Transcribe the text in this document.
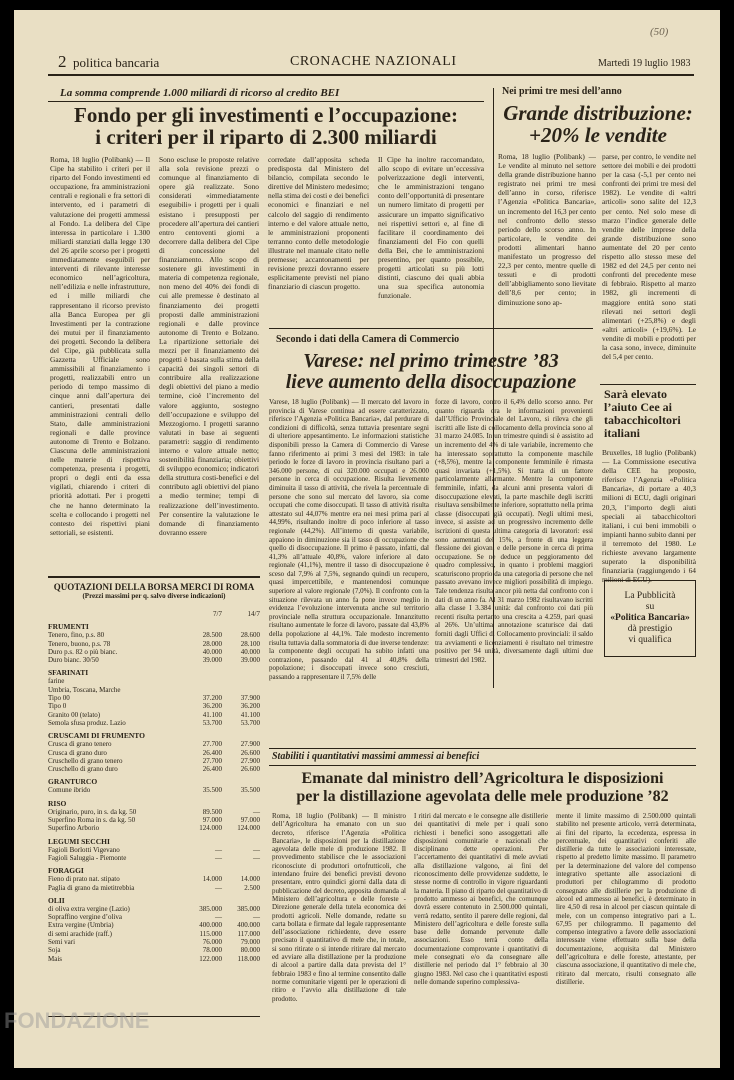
2 politica bancaria	CRONACHE NAZIONALI	Martedì 19 luglio 1983
(50)
La somma comprende 1.000 miliardi di ricorso al credito BEI
Fondo per gli investimenti e l’occupazione:
i criteri per il riparto di 2.300 miliardi
Roma, 18 luglio (Polibank) — Il Cipe ha stabilito i criteri per il riparto del Fondo investimenti ed occupazione, fra amministrazioni centrali e regionali e fra settori di intervento, ed i parametri di valutazione dei progetti ammessi al Fondo. La delibera del Cipe interessa in particolare i 1.300 miliardi stanziati dalla legge 130 del 26 aprile scorso per i progetti immediatamente eseguibili per interventi di rilevante interesse economico nell’agricoltura, nell’edilizia e nelle infrastrutture, ed i mille miliardi che rappresentano il ricorso previsto alla Banca Europea per gli Investimenti per la contrazione dei mutui per il finanziamento dei progetti. Secondo la delibera del Cipe, già pubblicata sulla Gazzetta Ufficiale sono ammissibili al finanziamento i progetti, realizzabili entro un periodo di tempo massimo di cinque anni dall’apertura dei cantieri, presentati dalle amministrazioni centrali dello Stato, dalle amministrazioni regionali e dalle province autonome di Trento e Bolzano. Ciascuna delle amministrazioni nelle materie di rispettiva competenza, presenta i progetti, propri o degli enti da essa vigilati, chiarendo i criteri di priorità adottati. Per i progetti che ne hanno determinato la scelta e collocando i progetti nel contesto dei rispettivi piani settoriali, se esistenti.
Sono escluse le proposte relative alla sola revisione prezzi o comunque al finanziamento di opere già realizzate. Sono considerati «immediatamente eseguibili» i progetti per i quali esistano i presupposti per procedere all’apertura dei cantieri entro centoventi giorni a decorrere dalla delibera del Cipe di concessione del finanziamento. Allo scopo di sostenere gli investimenti in materia di competenza regionale, non meno del 40% dei fondi di cui alle premesse è destinato al finanziamento dei progetti proposti dalle amministrazioni regionali e dalle province autonome di Trento e Bolzano. La ripartizione settoriale dei mezzi per il finanziamento dei progetti è basata sulla stima della capacità dei singoli settori di contribuire alla realizzazione degli obiettivi del piano a medio termine, cioè l’incremento del valore aggiunto, sostegno dell’occupazione e sviluppo del Mezzogiorno. I progetti saranno valutati in base ai seguenti parametri: saggio di rendimento interno e valore attuale netto; sostenibilità finanziaria; obiettivi di sviluppo economico; indicatori della struttura costi-benefici e del contributo agli obiettivi del piano a medio termine; tempi di realizzazione dell’investimento. Per consentire la valutazione le domande di finanziamento dovranno essere
corredate dall’apposita scheda predisposta dal Ministero del bilancio, compilata secondo le direttive del Ministero medesimo; nella stima dei costi e dei benefici economici e finanziari e nel calcolo del saggio di rendimento interno e del valore attuale netto, le amministrazioni proponenti terranno conto delle metodologie illustrate nel manuale citato nelle premesse; accantonamenti per revisione prezzi dovranno essere esplicitamente previsti nel piano finanziario di ciascun progetto.
Il Cipe ha inoltre raccomandato, allo scopo di evitare un’eccessiva polverizzazione degli interventi, che le amministrazioni tengano conto dell’opportunità di presentare un numero limitato di progetti per assicurare un impatto significativo nei rispettivi settori e, al fine di facilitare il coordinamento dei finanziamenti del Fio con quelli della Bei, che le amministrazioni presentino, per quanto possibile, progetti articolati su più lotti distinti, ciascuno dei quali abbia una sua specifica autonomia funzionale.
Nei primi tre mesi dell’anno
Grande distribuzione:
+20% le vendite
Roma, 18 luglio (Polibank) — Le vendite al minuto nel settore della grande distribuzione hanno registrato nei primi tre mesi dell’anno in corso, riferisce l’Agenzia «Politica Bancaria», un incremento del 16,3 per cento nel confronto dello stesso periodo dello scorso anno. In particolare, le vendite dei prodotti alimentari hanno manifestato un progresso del 22,3 per cento, mentre quelle di tessuti e di prodotti dell’abbigliamento sono lievitate dell’8,6 per cento; in diminuzione sono ap-
parse, per contro, le vendite nel settore dei mobili e dei prodotti per la casa (-5,1 per cento nei confronti dei primi tre mesi del 1982). Le vendite di «altri articoli» sono salite del 12,3 per cento. Nel solo mese di marzo l’indice generale delle vendite delle imprese della grande distribuzione sono aumentate del 20 per cento rispetto allo stesso mese del 1982 ed del 24,5 per cento nei confronti del precedente mese di febbraio. Rispetto al marzo 1982, gli incrementi di maggiore entità sono stati rilevati nei settori degli alimentari (+25,8%) e degli «altri articoli» (+19,6%). Le vendite di mobili e prodotti per la casa sono, invece, diminuite del 5,4 per cento.
Sarà elevato l’aiuto Cee ai tabacchicoltori italiani
Bruxelles, 18 luglio (Polibank) — La Commissione esecutiva della CEE ha proposto, riferisce l’Agenzia «Politica Bancaria», di portare a 40,3 milioni di ECU, dagli originari 20,3, l’importo degli aiuti speciali ai tabacchicoltori italiani, i cui beni immobili o impianti hanno subito danni per il terremoto del 1980. Le richieste avevano largamente superato la disponibilità finanziaria (raggiungendo i 64 milioni di ECU).
La Pubblicità
su
«Politica Bancaria»
dà prestigio
vi qualifica
Secondo i dati della Camera di Commercio
Varese: nel primo trimestre ’83
lieve aumento della disoccupazione
Varese, 18 luglio (Polibank) — Il mercato del lavoro in provincia di Varese continua ad essere caratterizzato, riferisce l’Agenzia «Politica Bancaria», dal perdurare di condizioni di difficoltà, senza tuttavia presentare segni di ulteriore appesantimento. Le informazioni statistiche disponibili presso la Camera di Commercio di Varese fanno riferimento ai primi 3 mesi del 1983: in tale periodo le forze di lavoro in provincia risultano pari a 346.000 persone, di cui 320.000 occupati e 26.000 persone in cerca di occupazione. Risulta lievemente diminuita il tasso di attività, che rivela la percentuale di persone che sono sul mercato del lavoro, sia come occupati che come disoccupati. Il tasso di attività risulta attestato sul 44,07% mentre era nei mesi prima pari al 44,99%, risultando inoltre di poco inferiore al tasso regionale (44,2%). All’interno di questa variabile, appaiono in diminuzione sia il tasso di occupazione che quello di disoccupazione. Il primo è passato, infatti, dal 41,3% all’attuale 40,8%, valore inferiore al dato regionale (41,1%), mentre il tasso di disoccupazione è sceso dal 7,9% al 7,5%, segnando quindi un recupero, quasi impercettibile, e mantenendosi comunque superiore al valore regionale (7,0%). Il confronto con la situazione rilevata un anno fa pone invece meglio in evidenza l’evoluzione intervenuta anche sul territorio provinciale nella struttura occupazionale. Innanzitutto risultano aumentate le forze di lavoro, passate dal 43,8% della popolazione al 44,1%. Tale modesto incremento risulta tuttavia dalla sommatoria di due inverse tendenze: la componente degli occupati ha subito infatti una contrazione, passando dal 41 al 40,8% della popolazione; i disoccupati invece sono cresciuti, passando a rappresentare il 7,5% delle
forze di lavoro, contro il 6,4% dello scorso anno. Per quanto riguarda ora le informazioni provenienti dall’Ufficio Provinciale del Lavoro, si rileva che gli iscritti alle liste di collocamento della provincia sono al 31 marzo 24.085. In un trimestre quindi si è assistito ad un incremento del 4% di tale variabile, incremento che ha interessato soprattutto la componente maschile (+8,5%), mentre la componente femminile è rimasta quasi invariata (+1,5%). Si tratta di un fattore particolarmente allarmante. Mentre la componente femminile, infatti, da alcuni anni presenta valori di disoccupazione elevati, la parte maschile degli iscritti risultava sensibilmente inferiore, soprattutto nella prima classe (disoccupati già occupati). Negli ultimi mesi, invece, si assiste ad un progressivo incremento delle iscrizioni di questa ultima categoria di lavoratori: essi sono aumentati del 15%, a fronte di una leggera flessione dei giovani e delle persone in cerca di prima occupazione. Se ne deduce un peggioramento del quadro complessivo, in quanto i problemi maggiori scaturiscono proprio da una categoria di persone che nel passato avevano invece migliori possibilità di impiego. Tale tendenza risulta ancor più netta dal confronto con i dati di un anno fa. Al 31 marzo 1982 risultavano iscritti alla classe I 3.384 unità: dal confronto coi dati più recenti risulta pertanto una crescita a 4.259, pari quasi al 26%. Un’ultima annotazione scaturisce dai dati forniti dagli Uffici di Collocamento provinciali: il saldo tra avviamenti e licenziamenti è risultato nel trimestre positivo per 94 unità, diversamente dagli ultimi due trimestri del 1982.
QUOTAZIONI DELLA BORSA MERCI DI ROMA
(Prezzi massimi per q. salvo diverse indicazioni)
7/7	14/7
FRUMENTI
Tenero, fino, p.s. 80	28.500	28.600
Tenero, buono, p.s. 78	28.000	28.100
Duro p.s. 82 o più bianc.	40.000	40.000
Duro bianc. 30/50	39.000	39.000
SFARINATI
farine
Umbria, Toscana, Marche
Tipo 00	37.200	37.900
Tipo 0	36.200	36.200
Granito 00 (telato)	41.100	41.100
Semola sfusa produz. Lazio	53.700	53.700
CRUSCAMI DI FRUMENTO
Crusca di grano tenero	27.700	27.900
Crusca di grano duro	26.400	26.600
Cruschello di grano tenero	27.700	27.900
Cruschello di grano duro	26.400	26.600
GRANTURCO
Comune ibrido	35.500	35.500
RISO
Originario, puro, in s. da kg. 50	89.500	—
Superfino Roma in s. da kg. 50	97.000	97.000
Superfino Arborio	124.000	124.000
LEGUMI SECCHI
Fagioli Borlotti Vigevano	—	—
Fagioli Saluggia - Piemonte	—	—
FORAGGI
Fieno di prato nat. stipato	14.000	14.000
Paglia di grano da mietitrebbia	—	2.500
OLII
di oliva extra vergine (Lazio)	385.000	385.000
Sopraffino vergine d’oliva	—	—
Extra vergine (Umbria)	400.000	400.000
di semi arachide (raff.)	115.000	117.000
Semi vari	76.000	79.000
Soja	78.000	80.000
Mais	122.000	118.000
Stabiliti i quantitativi massimi ammessi ai benefici
Emanate dal ministro dell’Agricoltura le disposizioni
per la distillazione agevolata delle mele produzione ’82
Roma, 18 luglio (Polibank) — Il ministro dell’Agricoltura ha emanato con un suo decreto, riferisce l’Agenzia «Politica Bancaria», le disposizioni per la distillazione agevolata delle mele di produzione 1982. Il provvedimento stabilisce che le associazioni riconosciute di produttori ortofrutticoli, che intendano fruire dei benefici previsti devono presentare, entro quindici giorni dalla data di pubblicazione del decreto, apposita domanda al Ministero dell’agricoltura e delle foreste - Direzione generale della tutela economica dei prodotti agricoli. Nelle domande, redatte su carta bollata e firmate dal legale rappresentante dell’associazione richiedente, deve essere precisato il quantitativo di mele che, in totale, si sono ritirate o si intende ritirare dal mercato ed avviare alla distillazione per la produzione di alcool a partire dalla data prevista del 1° febbraio 1983 e fino al termine consentito dalle norme comunitarie vigenti per le operazioni di ritiro e l’avvio alla distillazione di tale prodotto.
I ritiri dal mercato e le consegne alle distillerie dei quantitativi di mele per i quali sono richiesti i benefici sono assoggettati alle disposizioni comunitarie e nazionali che disciplinano dette operazioni. Per l’accertamento dei quantitativi di mele avviati alla distillazione valgono, ai fini del riconoscimento delle provvidenze suddette, le stesse norme di controllo in vigore riguardanti la materia. Il piano di riparto del quantitativo di prodotto ammesso ai benefici, che comunque dovrà essere contenuto in 2.500.000 quintali, verrà redatto, sentito il parere delle regioni, dal Ministero dell’agricoltura e delle foreste sulla base delle domande pervenute dalle associazioni. Esso terrà conto della documentazione comprovante i quantitativi di mele consegnati e/o da consegnare alle distillerie nel periodo dal 1° febbraio al 30 giugno 1983. Nel caso che i quantitativi esposti nelle domande superino complessiva-
mente il limite massimo di 2.500.000 quintali stabilito nel presente articolo, verrà determinata, ai fini del riparto, la eccedenza, espressa in percentuale, dei quantitativi conferiti alle distillerie da tutte le associazioni interessate, rispetto al predetto limite massimo. Il parametro per la determinazione del valore del compenso integrativo spettante alle associazioni di produttori per chilogrammo di prodotto consegnato alle distillerie per la produzione di alcool ed ammesso ai benefici, è determinato in lire 4,50 di resa in alcool per ciascun quintale di mele, con un compenso integrativo pari a L. 67,95 per chilogrammo. Il pagamento del compenso integrativo a favore delle associazioni interessate viene effettuato sulla base della documentazione, acquisita dal Ministero dell’agricoltura e delle foreste, attestante, per ciascuna associazione, il quantitativo di mele che, ritirato dal mercato, risulti consegnato alle distillerie.
FONDAZIONE
